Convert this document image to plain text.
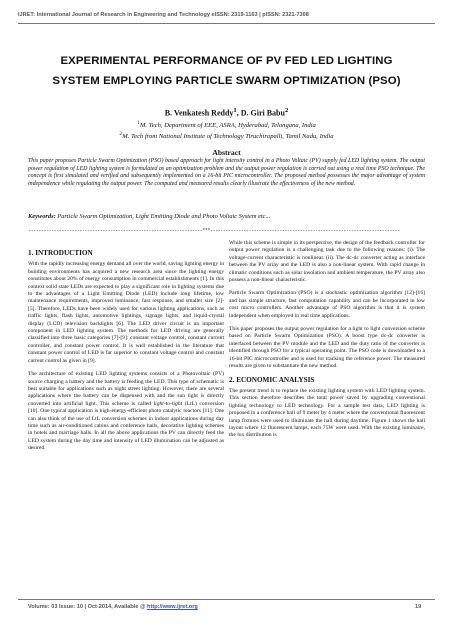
IJRET: International Journal of Research in Engineering and Technology eISSN: 2319-1163 | pISSN: 2321-7308
EXPERIMENTAL PERFORMANCE OF PV FED LED LIGHTING
SYSTEM EMPLOYING PARTICLE SWARM OPTIMIZATION (PSO)
B. Venkatesh Reddy$^1$, D. Giri Babu$^2$
$^1$M. Tech, Department of EEE, ASRA, Hyderabad, Telangana, India
$^2$M. Tech from National Institute of Technology Tiruchirapalli, Tamil Nadu, India
Abstract

This paper proposes Particle Swarm Optimization (PSO) based approach for light intensity control in a Photo Voltaic (PV) supply fed LED lighting system. The output power regulation of LED lighting system is formulated as an optimization problem and the output power regulation is carried out using a real time PSO technique. The concept is first simulated and verified and subsequently implemented on a 16-bit PIC microcontroller. The proposed method possesses the major advantage of system independence while regulating the output power. The computed and measured results clearly illustrate the effectiveness of the new method.

Keywords: Particle Swarm Optimization, Light Emitting Diode and Photo Voltaic System etc...
--------------------------------------------------------------------***--------------------------------------------------------------------------
1. INTRODUCTION

With the rapidly increasing energy demand all over the world, saving lighting energy in building environments has acquired a new research area since the lighting energy constitutes about 20% of energy consumption in commercial establishments [1]. In this context solid state LEDs are expected to play a significant role in lighting systems due to the advantages of a Light Emitting Diode (LED) include long lifetime, low maintenance requirements, improved luminance, fast response, and smaller size [2]-[5]. Therefore, LEDs have been widely used for various lighting applications, such as traffic lights, flash lights, automotive lightings, signage lights, and liquid-crystal display (LCD) television backlights [6]. The LED driver circuit is an important component in LED lighting system. The methods for LED driving are generally classified into three basic categories [7]-[9]: constant voltage control, constant current controller, and constant power control. It is well established in the literature that constant power control of LED is far superior to constant voltage control and constant current control as given in [9].

The architecture of existing LED lighting systems consists of a Photovoltaic (PV) source charging a battery and the battery is feeding the LED. This type of schematic is best suitable for applications such as night street lighting. However, there are several applications where the battery can be dispensed with and the sun light is directly converted into artificial light. This scheme is called light-to-light (LtL) conversion [10]. One typical application is high-energy-efficient photo catalytic reactors [11]. One can also think of the use of LtL conversion schemes in indoor applications during day time such as air-conditioned cabins and conference halls, decorative lighting schemes in hotels and marriage halls. In all the above applications the PV can directly feed the LED system during the day time and intensity of LED illumination can be adjusted as desired.

While this scheme is simple in its perspective, the design of the feedback controller for output power regulation is a challenging task due to the following reasons: (i). The voltage-current characteristic is nonlinear. (ii). The dc-dc converter acting as interface between the PV array and the LED is also a non-linear system. With rapid change in climatic conditions such as solar insolation and ambient temperature, the PV array also possess a non-linear characteristic.

Particle Swarm Optimization (PSO) is a stochastic optimization algorithm [12]-[16] and has simple structure, fast computation capability and can be incorporated in low cost micro controllers. Another advantage of PSO algorithm is that it is system independent when employed in real time applications.

This paper proposes the output power regulation for a light to light conversion scheme based on Particle Swarm Optimization (PSO). A boost type dc-dc converter is interfaced between the PV module and the LED and the duty ratio of the converter is identified through PSO for a typical operating point. The PSO code is downloaded to a 16-bit PIC microcontroller and is used for tracking the reference power. The measured results are given to substantiate the new method.

2. ECONOMIC ANALYSIS

The present trend is to replace the existing lighting system with LED lighting system. This section therefore describes the total power saved by upgrading conventional lighting technology to LED technology. For a sample test data, LED lighting is proposed in a conference hall of 9 meter by 4 meter where the conventional fluorescent lamp fixtures were used to illuminate the hall during daytime. Figure 1 shows the hall layout where 12 fluorescent lamps, each 75W were used. With the existing luminaire, the lux distribution is

Volume: 03 Issue: 10 | Oct-2014, Available @ http://www.ijret.org	19
